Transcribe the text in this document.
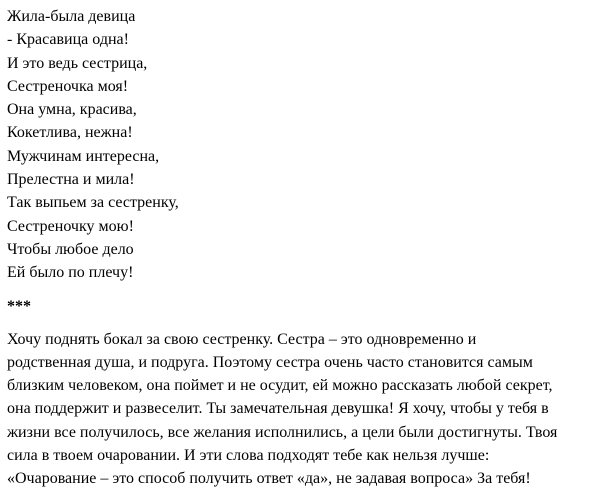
Жила-была девица
- Красавица одна!
И это ведь сестрица,
Сестреночка моя!
Она умна, красива,
Кокетлива, нежна!
Мужчинам интересна,
Прелестна и мила!
Так выпьем за сестренку,
Сестреночку мою!
Чтобы любое дело
Ей было по плечу!
***
Хочу поднять бокал за свою сестренку. Сестра – это одновременно и
родственная душа, и подруга. Поэтому сестра очень часто становится самым
близким человеком, она поймет и не осудит, ей можно рассказать любой секрет,
она поддержит и развеселит. Ты замечательная девушка! Я хочу, чтобы у тебя в
жизни все получилось, все желания исполнились, а цели были достигнуты. Твоя
сила в твоем очаровании. И эти слова подходят тебе как нельзя лучше:
«Очарование – это способ получить ответ «да», не задавая вопроса» За тебя!
